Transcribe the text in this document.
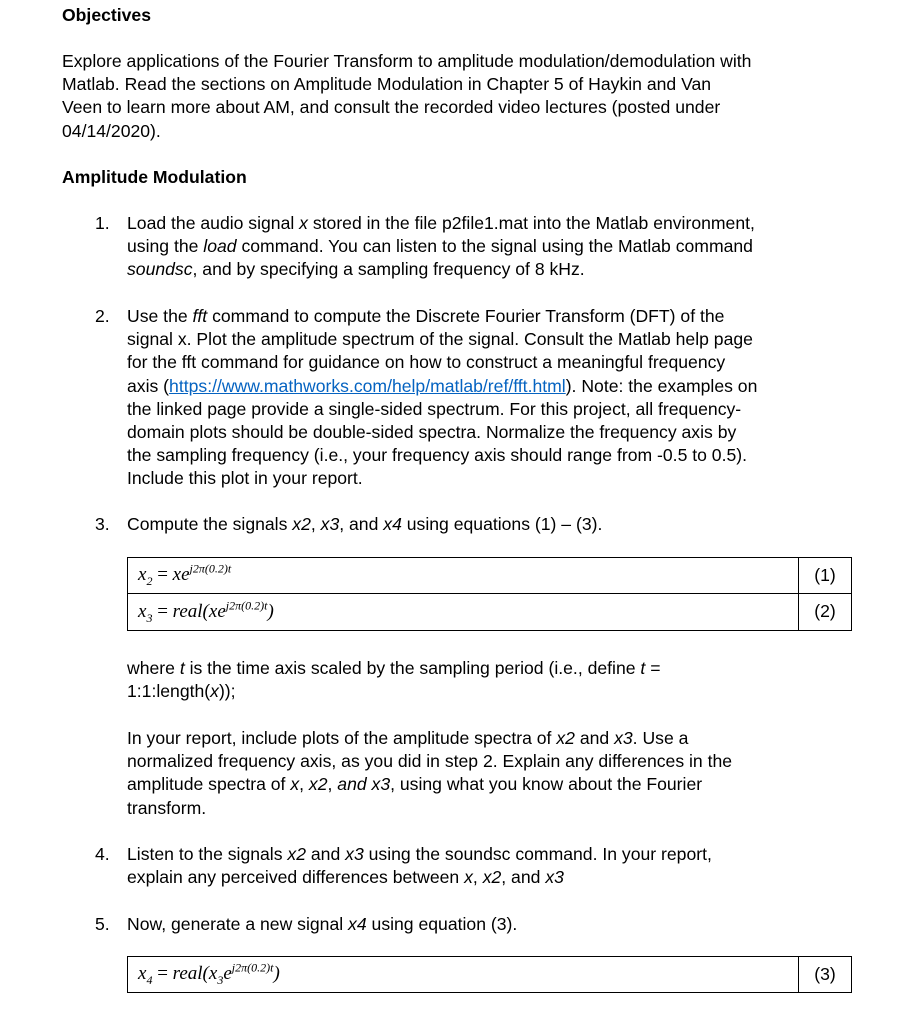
Objectives

Explore applications of the Fourier Transform to amplitude modulation/demodulation with
Matlab. Read the sections on Amplitude Modulation in Chapter 5 of Haykin and Van
Veen to learn more about AM, and consult the recorded video lectures (posted under
04/14/2020).

Amplitude Modulation

1. Load the audio signal x stored in the file p2file1.mat into the Matlab environment,
using the load command. You can listen to the signal using the Matlab command
soundsc, and by specifying a sampling frequency of 8 kHz.

2. Use the fft command to compute the Discrete Fourier Transform (DFT) of the
signal x. Plot the amplitude spectrum of the signal. Consult the Matlab help page
for the fft command for guidance on how to construct a meaningful frequency
axis (https://www.mathworks.com/help/matlab/ref/fft.html). Note: the examples on
the linked page provide a single-sided spectrum. For this project, all frequency-
domain plots should be double-sided spectra. Normalize the frequency axis by
the sampling frequency (i.e., your frequency axis should range from -0.5 to 0.5).
Include this plot in your report.

3. Compute the signals x2, x3, and x4 using equations (1) – (3).

$x_2 = xe^{j2\pi(0.2)t}$	(1)
$x_3$ = $real(xe^{j2\pi(0.2)t})$	(2)

where t is the time axis scaled by the sampling period (i.e., define t =
1:1:length(x));

In your report, include plots of the amplitude spectra of x2 and x3. Use a
normalized frequency axis, as you did in step 2. Explain any differences in the
amplitude spectra of x, x2, and x3, using what you know about the Fourier
transform.

4. Listen to the signals x2 and x3 using the soundsc command. In your report,
explain any perceived differences between x, x2, and x3

5. Now, generate a new signal x4 using equation (3).

$x_4$ = $real(x_3e^{j2\pi(0.2)t})$	(3)
